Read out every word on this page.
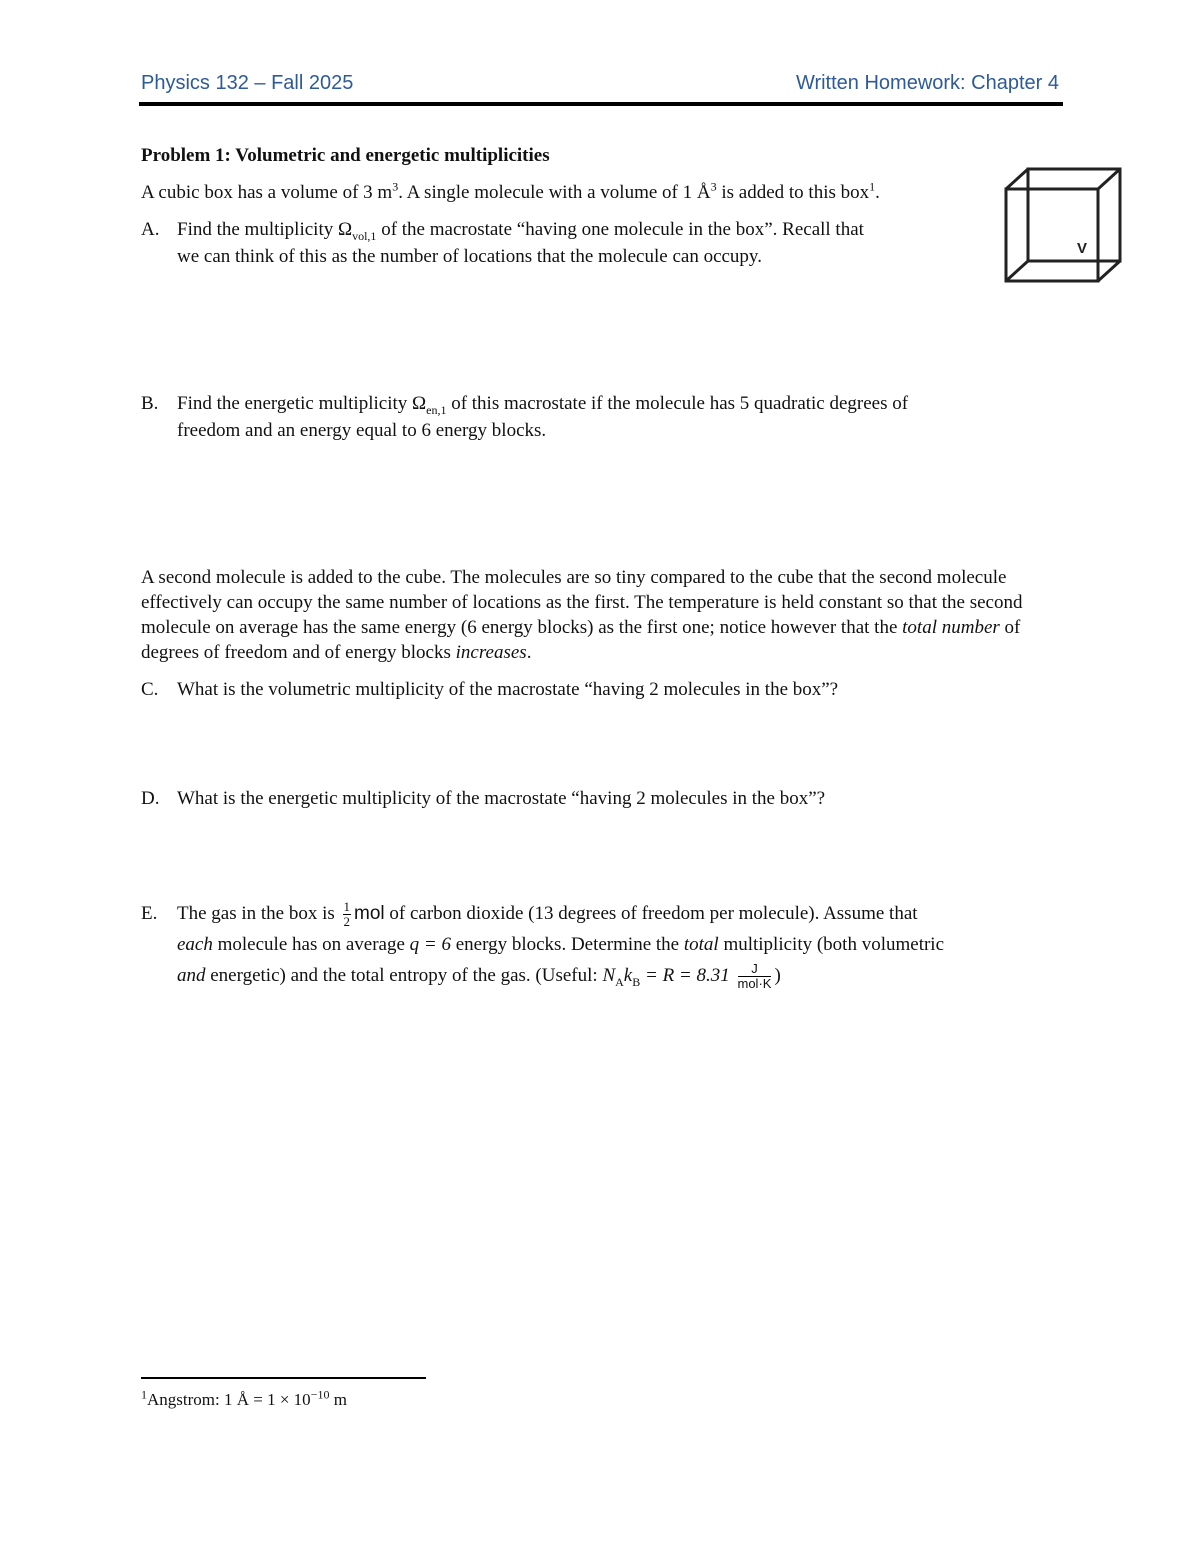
Physics 132 – Fall 2025	Written Homework: Chapter 4
Problem 1: Volumetric and energetic multiplicities
A cubic box has a volume of 3 $m^3$. A single molecule with a volume of 1 $Å^3$ is added to this box$^1$.
V
A. Find the multiplicity $\Omega_{vol,1}$ of the macrostate “having one molecule in the box”. Recall that
we can think of this as the number of locations that the molecule can occupy.
B. Find the energetic multiplicity $\Omega_{en,1}$ of this macrostate if the molecule has 5 quadratic degrees of
freedom and an energy equal to 6 energy blocks.
A second molecule is added to the cube. The molecules are so tiny compared to the cube that the second molecule effectively can occupy the same number of locations as the first. The temperature is held constant so that the second molecule on average has the same energy (6 energy blocks) as the first one; notice however that the total number of degrees of freedom and of energy blocks increases.
C. What is the volumetric multiplicity of the macrostate “having 2 molecules in the box”?
D. What is the energetic multiplicity of the macrostate “having 2 molecules in the box”?
E. The gas in the box is $\frac{1}{2}$ mol of carbon dioxide (13 degrees of freedom per molecule). Assume that
each molecule has on average q = 6 energy blocks. Determine the total multiplicity (both volumetric
and energetic) and the total entropy of the gas. (Useful: $N_Ak_B = R = 8.31 \frac{J}{\text{mol·K}}$ )
$^1$Angstrom: 1 Å = $1 \times 10^{-10}$ m
